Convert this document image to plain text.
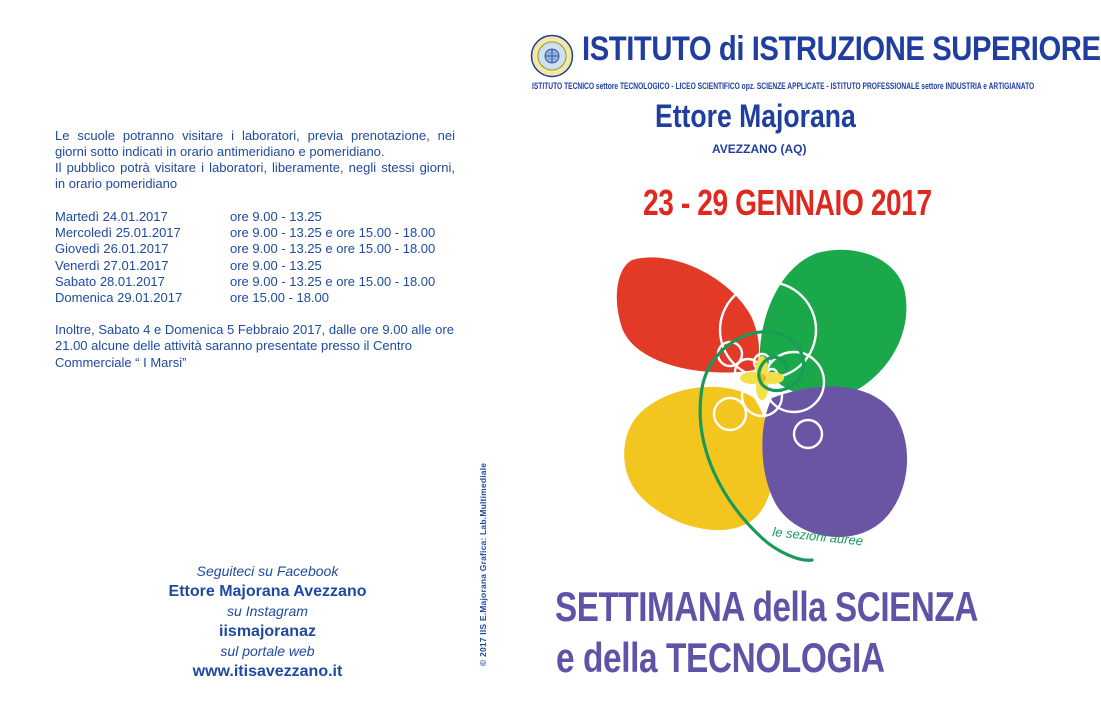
Le scuole potranno visitare i laboratori, previa prenotazione, nei giorni sotto indicati in orario antimeridiano e pomeridiano.

Il pubblico potrà visitare i laboratori, liberamente, negli stessi giorni, in orario pomeridiano

Martedì 24.01.2017	ore 9.00 - 13.25
Mercoledì 25.01.2017	ore 9.00 - 13.25 e ore 15.00 - 18.00
Giovedì 26.01.2017	ore 9.00 - 13.25 e ore 15.00 - 18.00
Venerdì 27.01.2017	ore 9.00 - 13.25
Sabato 28.01.2017	ore 9.00 - 13.25 e ore 15.00 - 18.00
Domenica 29.01.2017	ore 15.00 - 18.00
Inoltre, Sabato 4 e Domenica 5 Febbraio 2017, dalle ore 9.00 alle ore 21.00 alcune delle attività saranno presentate presso il Centro Commerciale “ I Marsi”
Seguiteci su Facebook
Ettore Majorana Avezzano
su Instagram
iismajoranaz
sul portale web
www.itisavezzano.it
© 2017 IIS E.Majorana Grafica: Lab.Multimediale
ISTITUTO di ISTRUZIONE SUPERIORE
ISTITUTO TECNICO settore TECNOLOGICO - LICEO SCIENTIFICO opz. SCIENZE APPLICATE - ISTITUTO PROFESSIONALE settore INDUSTRIA e ARTIGIANATO
Ettore Majorana
AVEZZANO (AQ)
23 - 29 GENNAIO 2017
le sezioni auree
SETTIMANA della SCIENZA
e della TECNOLOGIA
